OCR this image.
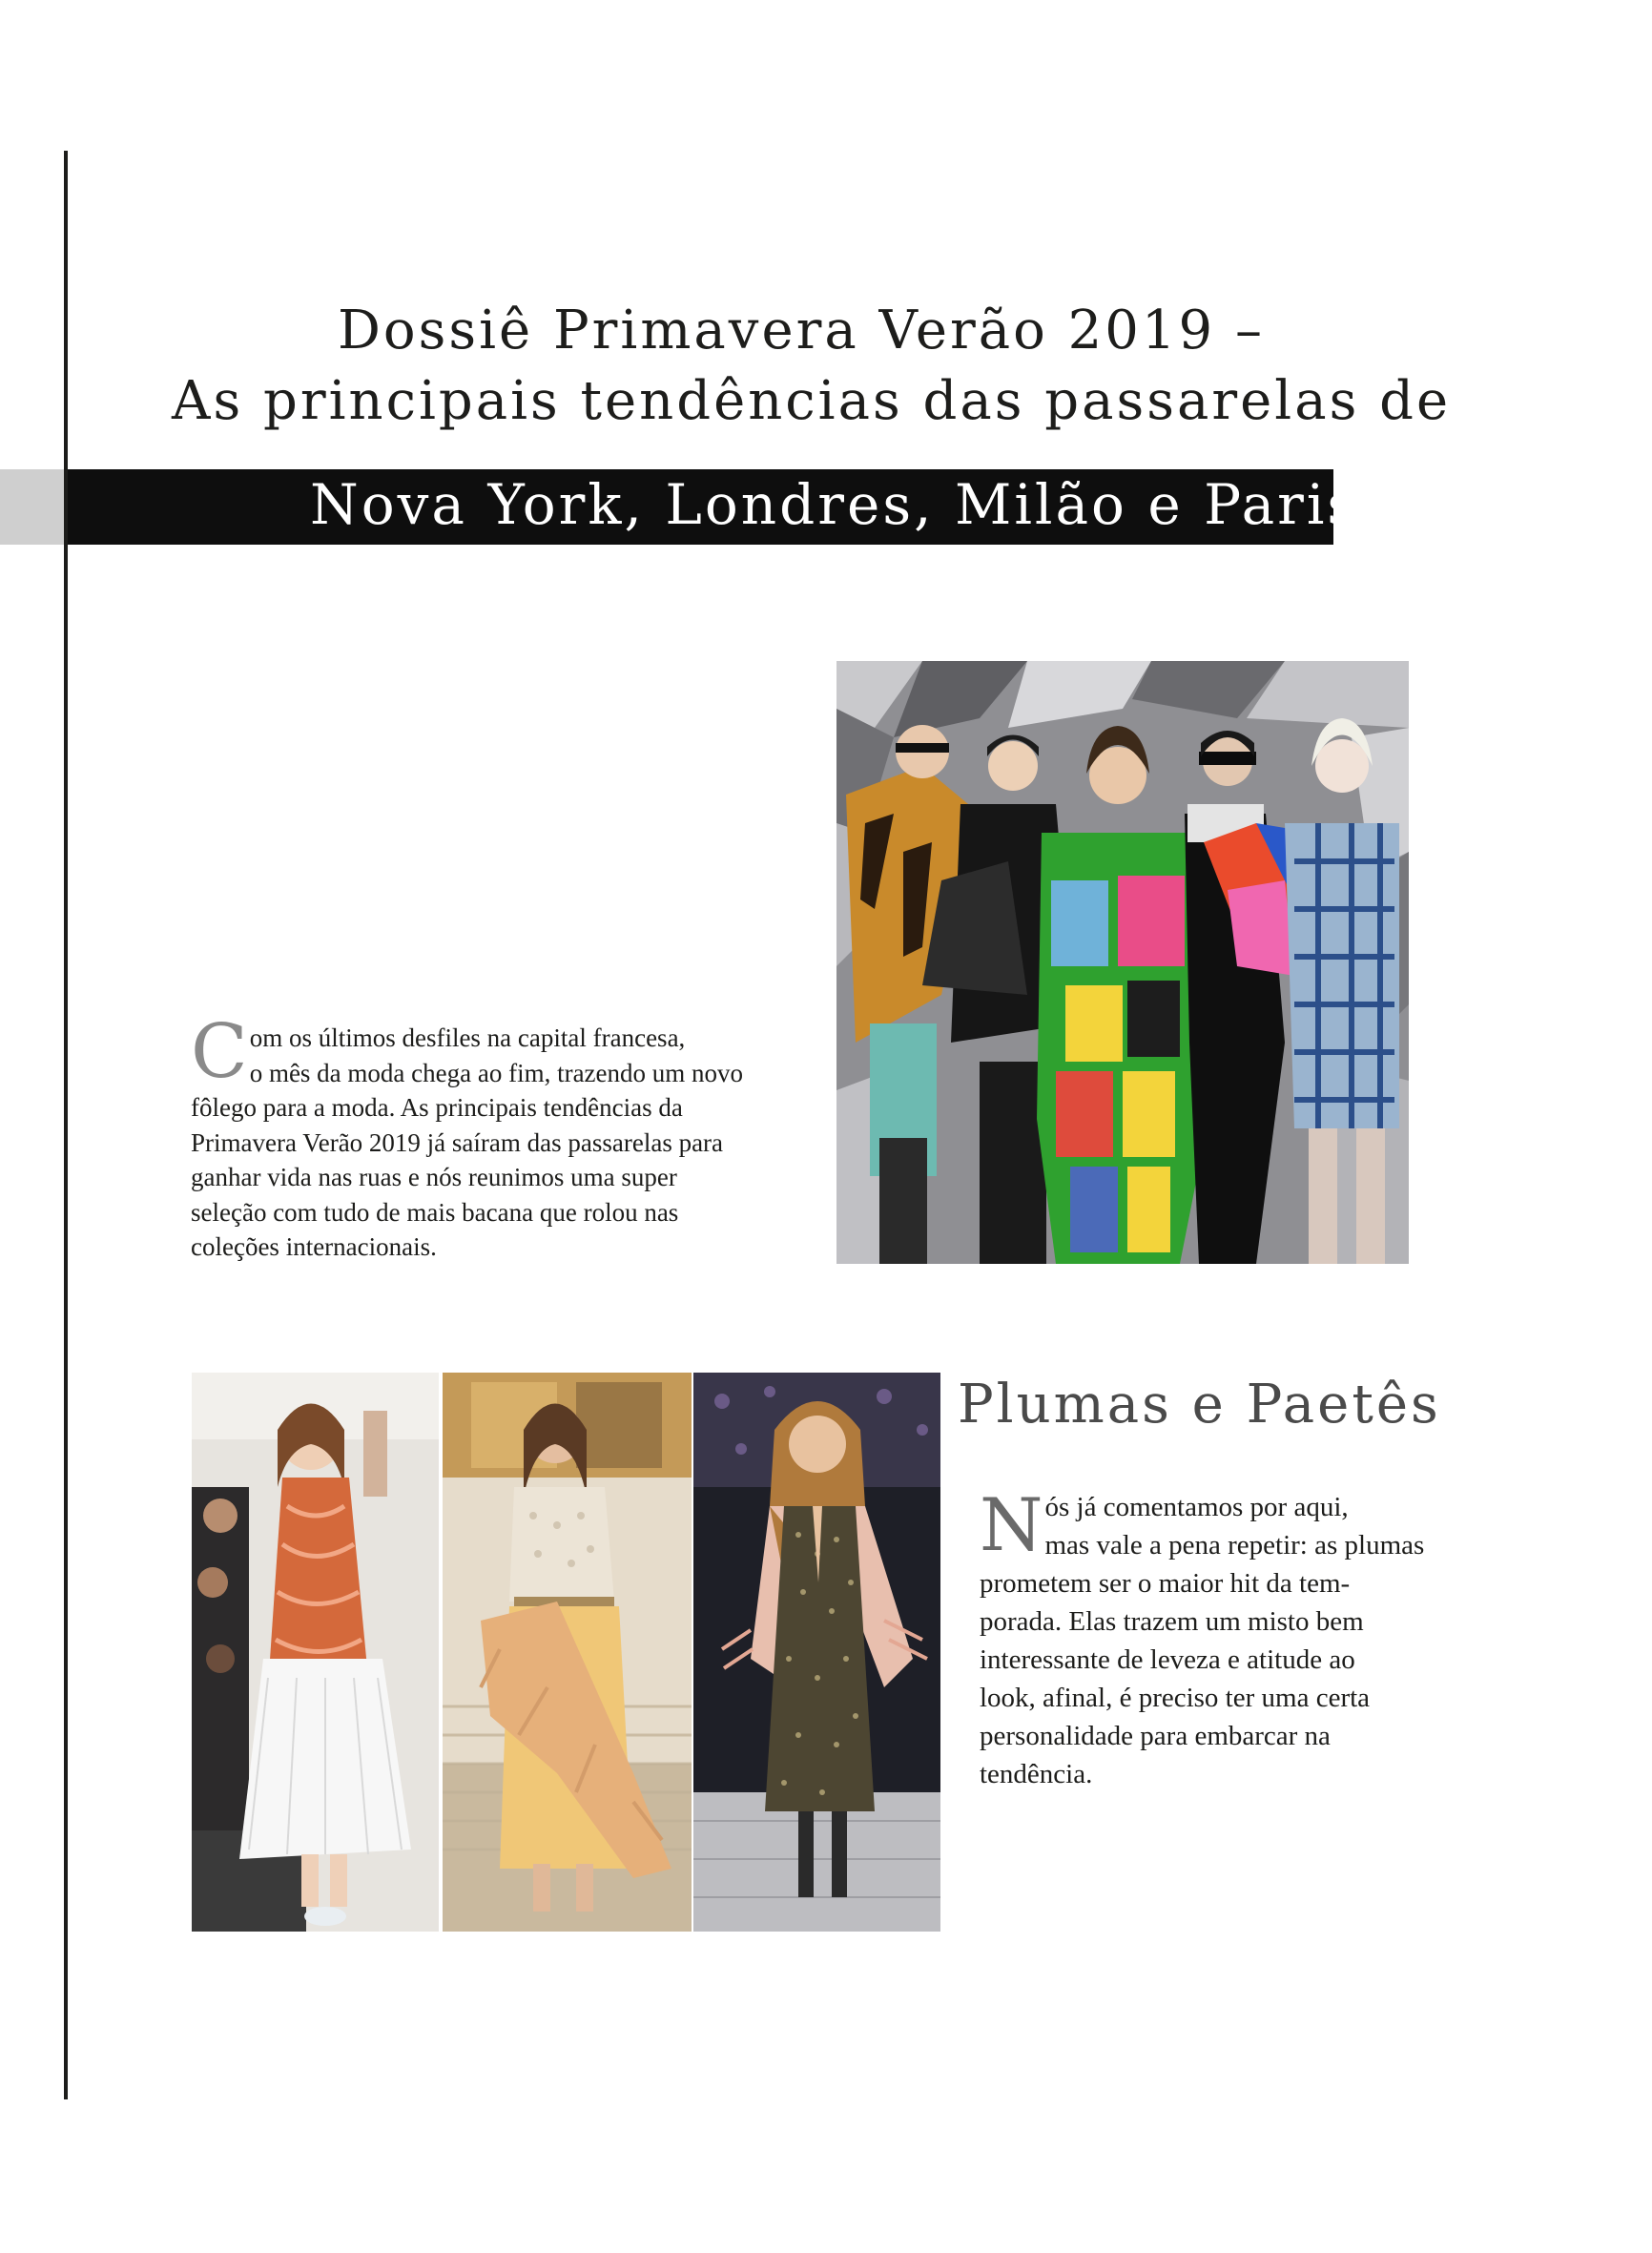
Dossiê Primavera Verão 2019 –
As principais tendências das passarelas de
Nova York, Londres, Milão e Paris
C om os últimos desfiles na capital francesa,
o mês da moda chega ao fim, trazendo um novo
fôlego para a moda. As principais tendências da
Primavera Verão 2019 já saíram das passarelas para
ganhar vida nas ruas e nós reunimos uma super
seleção com tudo de mais bacana que rolou nas
coleções internacionais.
Plumas e Paetês
N ós já comentamos por aqui,
mas vale a pena repetir: as plumas
prometem ser o maior hit da tem-
porada. Elas trazem um misto bem
interessante de leveza e atitude ao
look, afinal, é preciso ter uma certa
personalidade para embarcar na
tendência.
